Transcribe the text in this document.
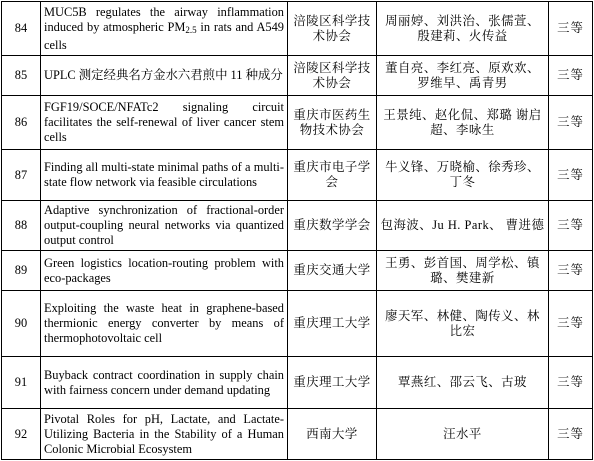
84	MUC5B regulates the airway inflammation induced by atmospheric $PM_{2.5}$ in rats and A549 cells	涪陵区科学技术协会	周丽婷、刘洪治、张儒萱、殷建莉、火传益	三等
85	UPLC 测定经典名方金水六君煎中 11 种成分	涪陵区科学技术协会	董自亮、李红亮、原欢欢、罗维早、禹青男	三等
86	FGF19/SOCE/NFATc2 signaling circuit facilitates the self-renewal of liver cancer stem cells	重庆市医药生物技术协会	王景纯、赵化侃、郑璐 谢启超、李咏生	三等
87	Finding all multi-state minimal paths of a multi-state flow network via feasible circulations	重庆市电子学会	牛义锋、万晓榆、徐秀珍、丁冬	三等
88	Adaptive synchronization of fractional-order output-coupling neural networks via quantized output control	重庆数学学会	包海波、Ju H. Park、 曹进德	三等
89	Green logistics location-routing problem with eco-packages	重庆交通大学	王勇、彭首国、周学松、镇璐、樊建新	三等
90	Exploiting the waste heat in graphene-based thermionic energy converter by means of thermophotovoltaic cell	重庆理工大学	廖天军、林健、陶传义、林比宏	三等
91	Buyback contract coordination in supply chain with fairness concern under demand updating	重庆理工大学	覃燕红、邵云飞、古玻	三等
92	Pivotal Roles for pH, Lactate, and Lactate-Utilizing Bacteria in the Stability of a Human Colonic Microbial Ecosystem	西南大学	汪水平	三等
